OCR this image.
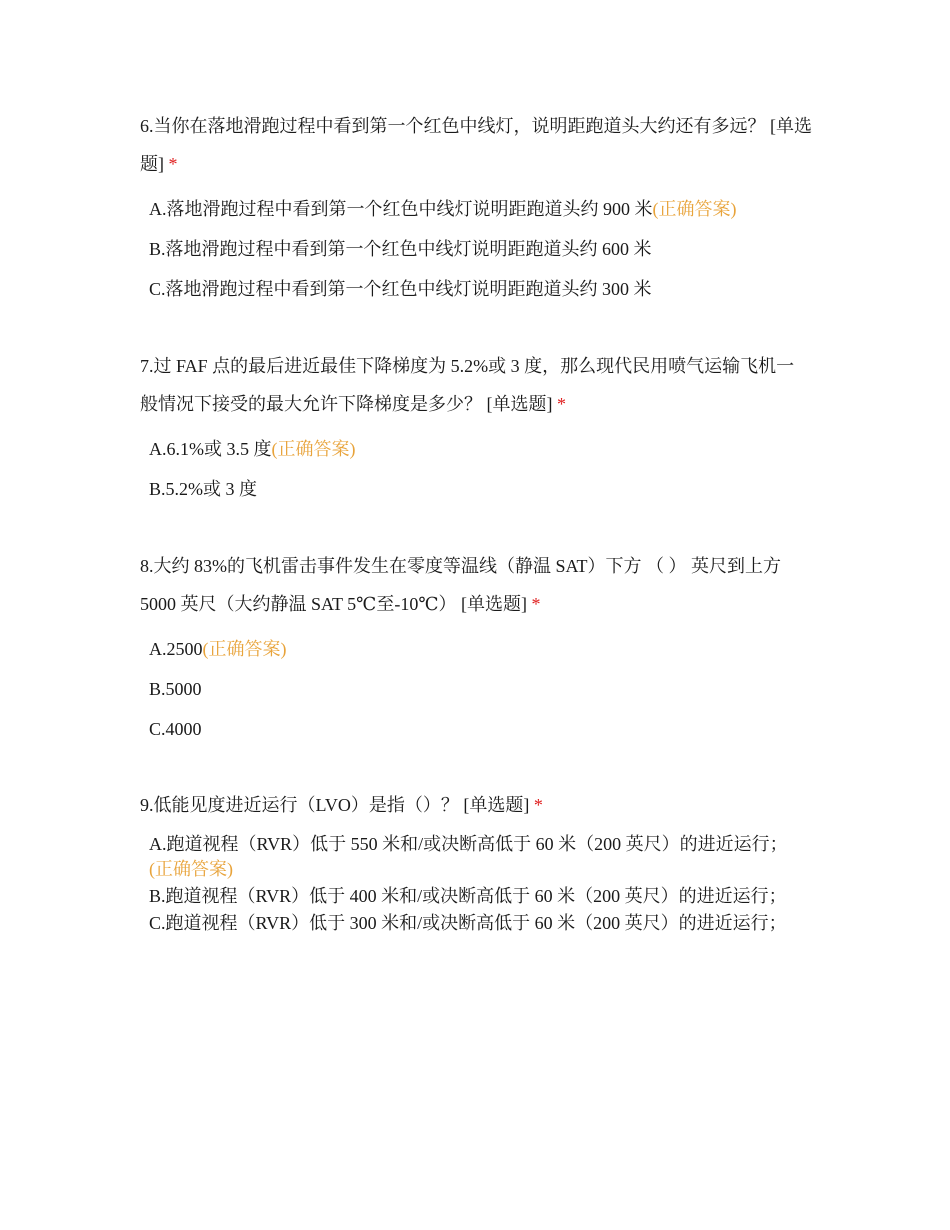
6.当你在落地滑跑过程中看到第一个红色中线灯，说明距跑道头大约还有多远？ [单选题] *

A.落地滑跑过程中看到第一个红色中线灯说明距跑道头约 900 米(正确答案)
B.落地滑跑过程中看到第一个红色中线灯说明距跑道头约 600 米
C.落地滑跑过程中看到第一个红色中线灯说明距跑道头约 300 米

7.过 FAF 点的最后进近最佳下降梯度为 5.2%或 3 度，那么现代民用喷气运输飞机一般情况下接受的最大允许下降梯度是多少？ [单选题] *

A.6.1%或 3.5 度(正确答案)
B.5.2%或 3 度

8.大约 83%的飞机雷击事件发生在零度等温线（静温 SAT）下方 （ ） 英尺到上方 5000 英尺（大约静温 SAT 5℃至-10℃） [单选题] *

A.2500(正确答案)
B.5000
C.4000

9.低能见度进近运行（LVO）是指（）？ [单选题] *

A.跑道视程（RVR）低于 550 米和/或决断高低于 60 米（200 英尺）的进近运行；(正确答案)
B.跑道视程（RVR）低于 400 米和/或决断高低于 60 米（200 英尺）的进近运行；
C.跑道视程（RVR）低于 300 米和/或决断高低于 60 米（200 英尺）的进近运行；
